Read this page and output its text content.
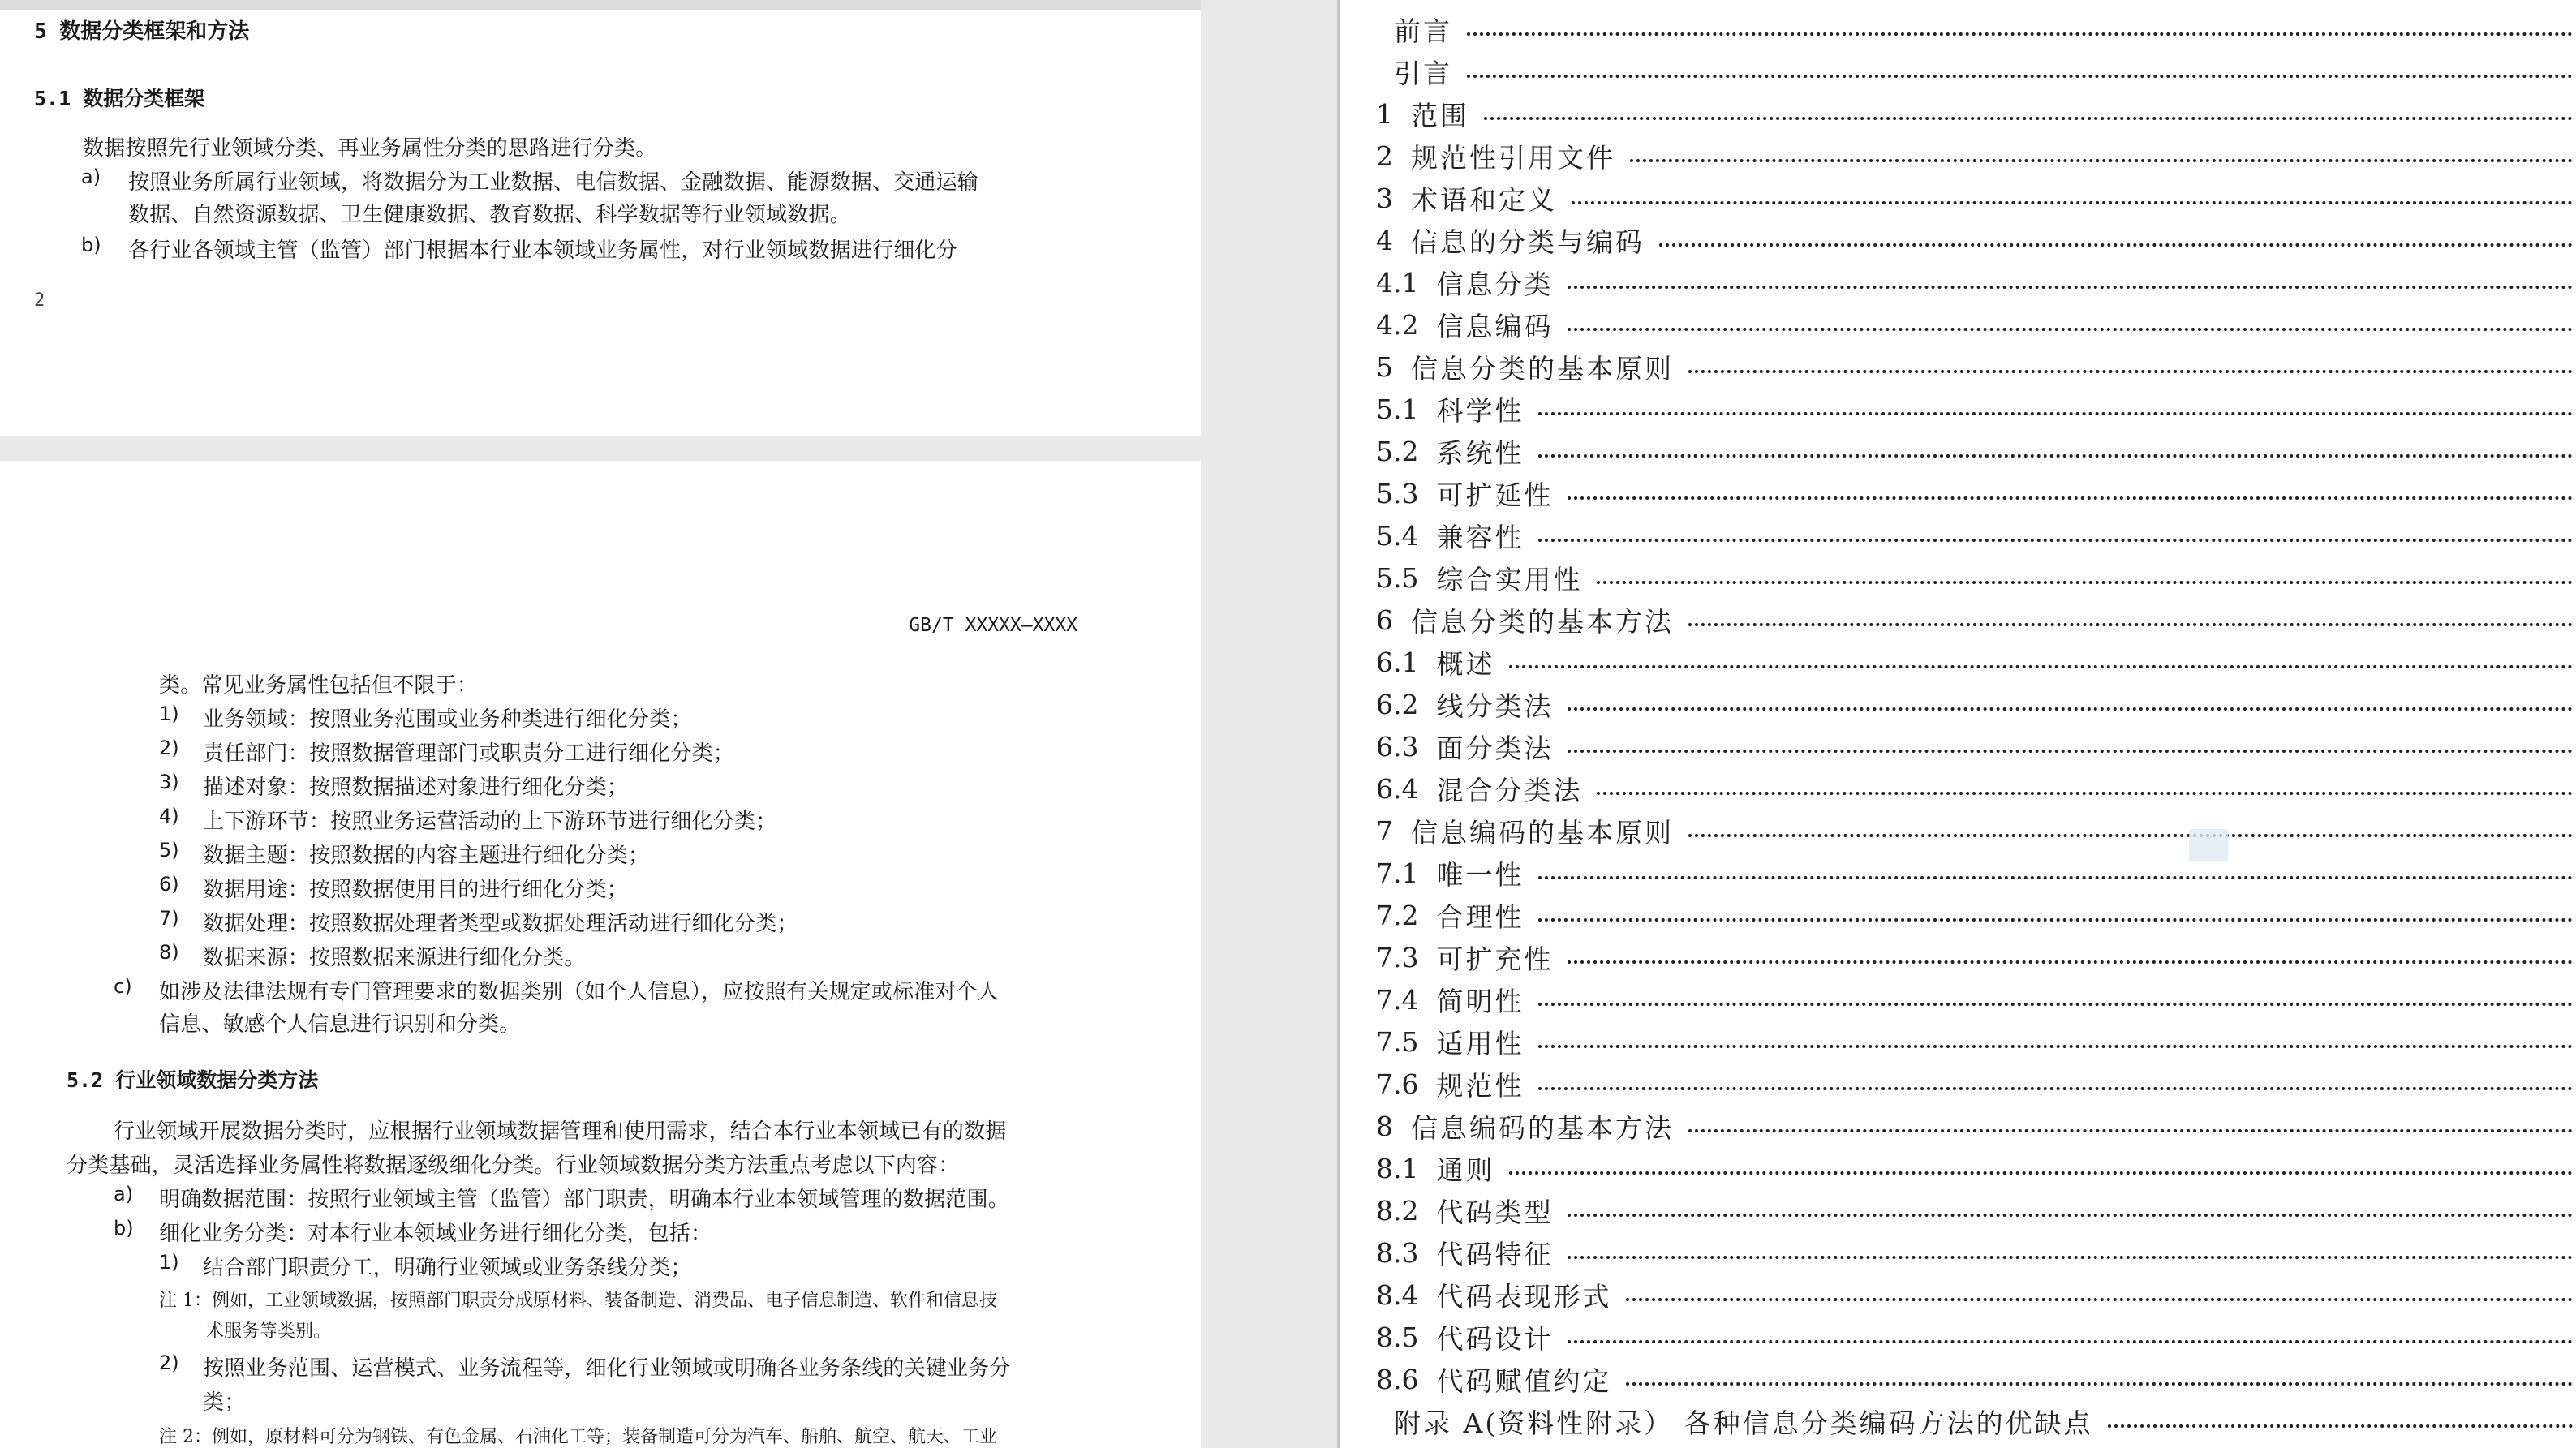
5 数据分类框架和方法
5.1 数据分类框架
数据按照先行业领域分类、再业务属性分类的思路进行分类。
a) 按照业务所属行业领域，将数据分为工业数据、电信数据、金融数据、能源数据、交通运输
数据、自然资源数据、卫生健康数据、教育数据、科学数据等行业领域数据。
b) 各行业各领域主管（监管）部门根据本行业本领域业务属性，对行业领域数据进行细化分
2
GB/T XXXXX—XXXX
类。常见业务属性包括但不限于：
1) 业务领域：按照业务范围或业务种类进行细化分类；
2) 责任部门：按照数据管理部门或职责分工进行细化分类；
3) 描述对象：按照数据描述对象进行细化分类；
4) 上下游环节：按照业务运营活动的上下游环节进行细化分类；
5) 数据主题：按照数据的内容主题进行细化分类；
6) 数据用途：按照数据使用目的进行细化分类；
7) 数据处理：按照数据处理者类型或数据处理活动进行细化分类；
8) 数据来源：按照数据来源进行细化分类。
c) 如涉及法律法规有专门管理要求的数据类别（如个人信息），应按照有关规定或标准对个人
信息、敏感个人信息进行识别和分类。
5.2 行业领域数据分类方法
行业领域开展数据分类时，应根据行业领域数据管理和使用需求，结合本行业本领域已有的数据
分类基础，灵活选择业务属性将数据逐级细化分类。行业领域数据分类方法重点考虑以下内容：
a) 明确数据范围：按照行业领域主管（监管）部门职责，明确本行业本领域管理的数据范围。
b) 细化业务分类：对本行业本领域业务进行细化分类，包括：
1) 结合部门职责分工，明确行业领域或业务条线分类；
注 1：例如，工业领域数据，按照部门职责分成原材料、装备制造、消费品、电子信息制造、软件和信息技
术服务等类别。
2) 按照业务范围、运营模式、业务流程等，细化行业领域或明确各业务条线的关键业务分
类；
注 2：例如，原材料可分为钢铁、有色金属、石油化工等；装备制造可分为汽车、船舶、航空、航天、工业
前言
引言
1 范围
2 规范性引用文件
3 术语和定义
4 信息的分类与编码
4.1 信息分类
4.2 信息编码
5 信息分类的基本原则
5.1 科学性
5.2 系统性
5.3 可扩延性
5.4 兼容性
5.5 综合实用性
6 信息分类的基本方法
6.1 概述
6.2 线分类法
6.3 面分类法
6.4 混合分类法
7 信息编码的基本原则
7.1 唯一性
7.2 合理性
7.3 可扩充性
7.4 简明性
7.5 适用性
7.6 规范性
8 信息编码的基本方法
8.1 通则
8.2 代码类型
8.3 代码特征
8.4 代码表现形式
8.5 代码设计
8.6 代码赋值约定
附录 A(资料性附录） 各种信息分类编码方法的优缺点
